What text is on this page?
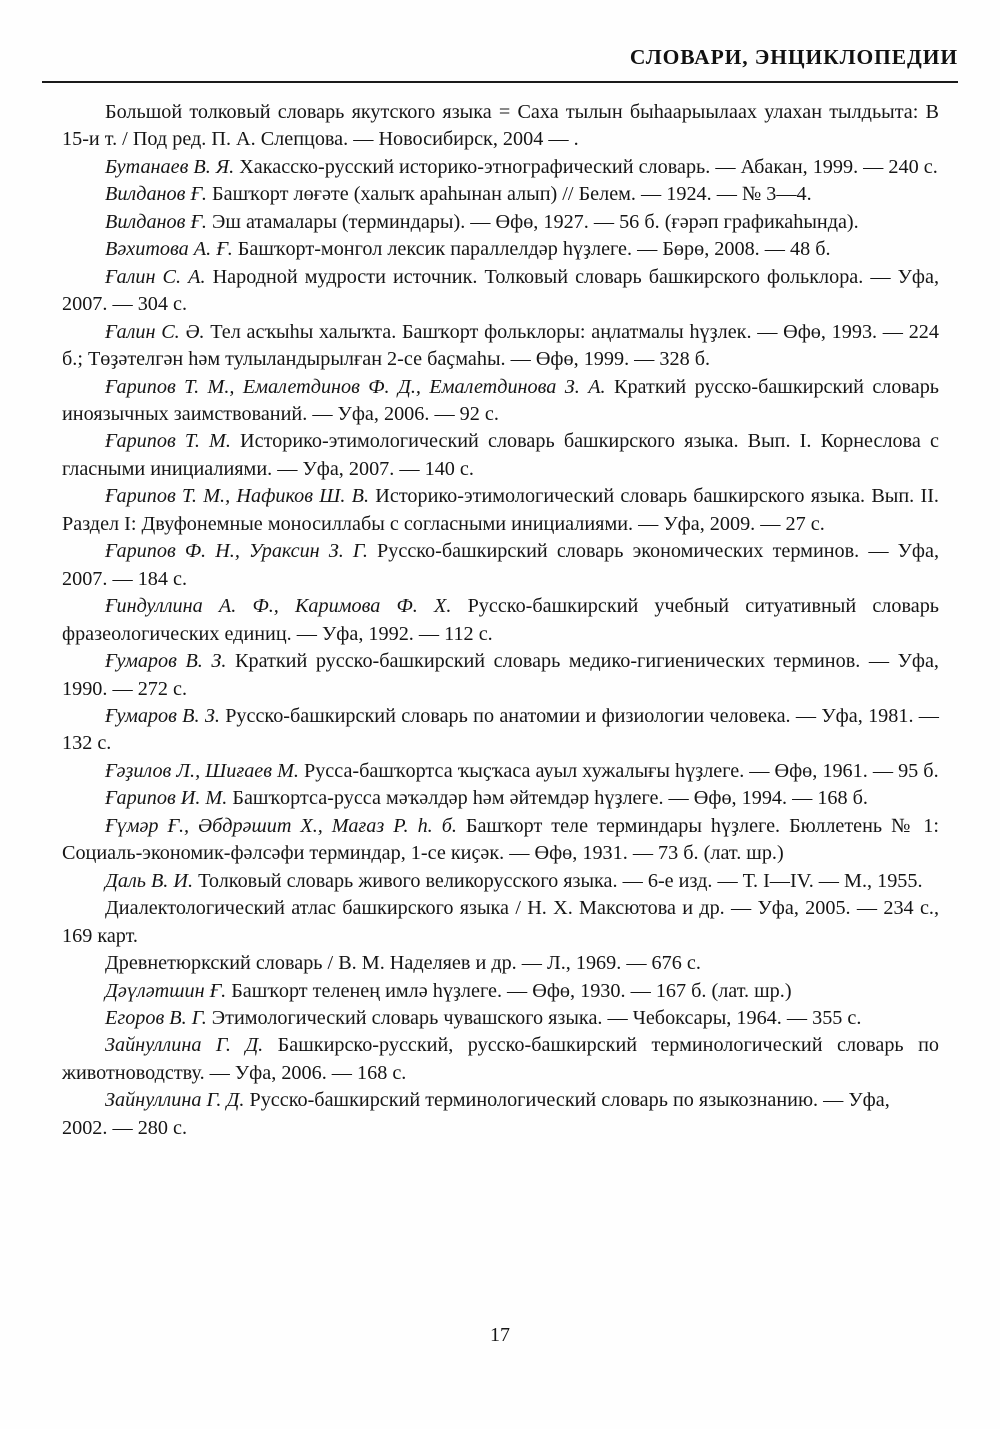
СЛОВАРИ, ЭНЦИКЛОПЕДИИ

Большой толковый словарь якутского языка = Саха тылын быһаарыылаах улахан тылдьыта: В 15-и т. / Под ред. П. А. Слепцова. — Новосибирск, 2004 — .

Бутанаев В. Я. Хакасско-русский историко-этнографический словарь. — Абакан, 1999. — 240 с.

Вилданов Ғ. Башҡорт лөғәте (халыҡ араһынан алып) // Белем. — 1924. — № 3—4.

Вилданов Ғ. Эш атамалары (терминдары). — Өфө, 1927. — 56 б. (ғәрәп графикаһында).

Вәхитова А. Ғ. Башҡорт-монгол лексик параллелдәр һүҙлеге. — Бөрө, 2008. — 48 б.

Ғалин С. А. Народной мудрости источник. Толковый словарь башкирского фольклора. — Уфа, 2007. — 304 с.

Ғалин С. Ә. Тел асҡыһы халыҡта. Башҡорт фольклоры: аңлатмалы һүҙлек. — Өфө, 1993. — 224 б.; Төҙәтелгән һәм тулыландырылған 2-се баҫмаһы. — Өфө, 1999. — 328 б.

Ғарипов Т. М., Емалетдинов Ф. Д., Емалетдинова З. А. Краткий русско-башкирский словарь иноязычных заимствований. — Уфа, 2006. — 92 с.

Ғарипов Т. М. Историко-этимологический словарь башкирского языка. Вып. I. Корнеслова с гласными инициалиями. — Уфа, 2007. — 140 с.

Ғарипов Т. М., Нафиков Ш. В. Историко-этимологический словарь башкирского языка. Вып. II. Раздел I: Двуфонемные моносиллабы с согласными инициалиями. — Уфа, 2009. — 27 с.

Ғарипов Ф. Н., Ураксин З. Г. Русско-башкирский словарь экономических терминов. — Уфа, 2007. — 184 с.

Ғиндуллина А. Ф., Каримова Ф. Х. Русско-башкирский учебный ситуативный словарь фразеологических единиц. — Уфа, 1992. — 112 с.

Ғумаров В. З. Краткий русско-башкирский словарь медико-гигиенических терминов. — Уфа, 1990. — 272 с.

Ғумаров В. З. Русско-башкирский словарь по анатомии и физиологии человека. — Уфа, 1981. — 132 с.

Ғәҙилов Л., Шиғаев М. Русса-башҡортса ҡыҫҡаса ауыл хужалығы һүҙлеге. — Өфө, 1961. — 95 б.

Ғарипов И. М. Башҡортса-русса мәҡәлдәр һәм әйтемдәр һүҙлеге. — Өфө, 1994. — 168 б.

Ғүмәр Ғ., Әбдрәшит Х., Мағаз Р. һ. б. Башҡорт теле терминдары һүҙлеге. Бюллетень № 1: Социаль-экономик-фәлсәфи терминдар, 1-се киҫәк. — Өфө, 1931. — 73 б. (лат. шр.)

Даль В. И. Толковый словарь живого великорусского языка. — 6-е изд. — Т. I—IV. — М., 1955.

Диалектологический атлас башкирского языка / Н. Х. Максютова и др. — Уфа, 2005. — 234 с., 169 карт.

Древнетюркский словарь / В. М. Наделяев и др. — Л., 1969. — 676 с.

Дәүләтшин Ғ. Башҡорт теленең имлә һүҙлеге. — Өфө, 1930. — 167 б. (лат. шр.)

Егоров В. Г. Этимологический словарь чувашского языка. — Чебоксары, 1964. — 355 с.

Зайнуллина Г. Д. Башкирско-русский, русско-башкирский терминологический словарь по животноводству. — Уфа, 2006. — 168 с.

Зайнуллина Г. Д. Русско-башкирский терминологический словарь по языкознанию. — Уфа, 2002. — 280 с.

17
